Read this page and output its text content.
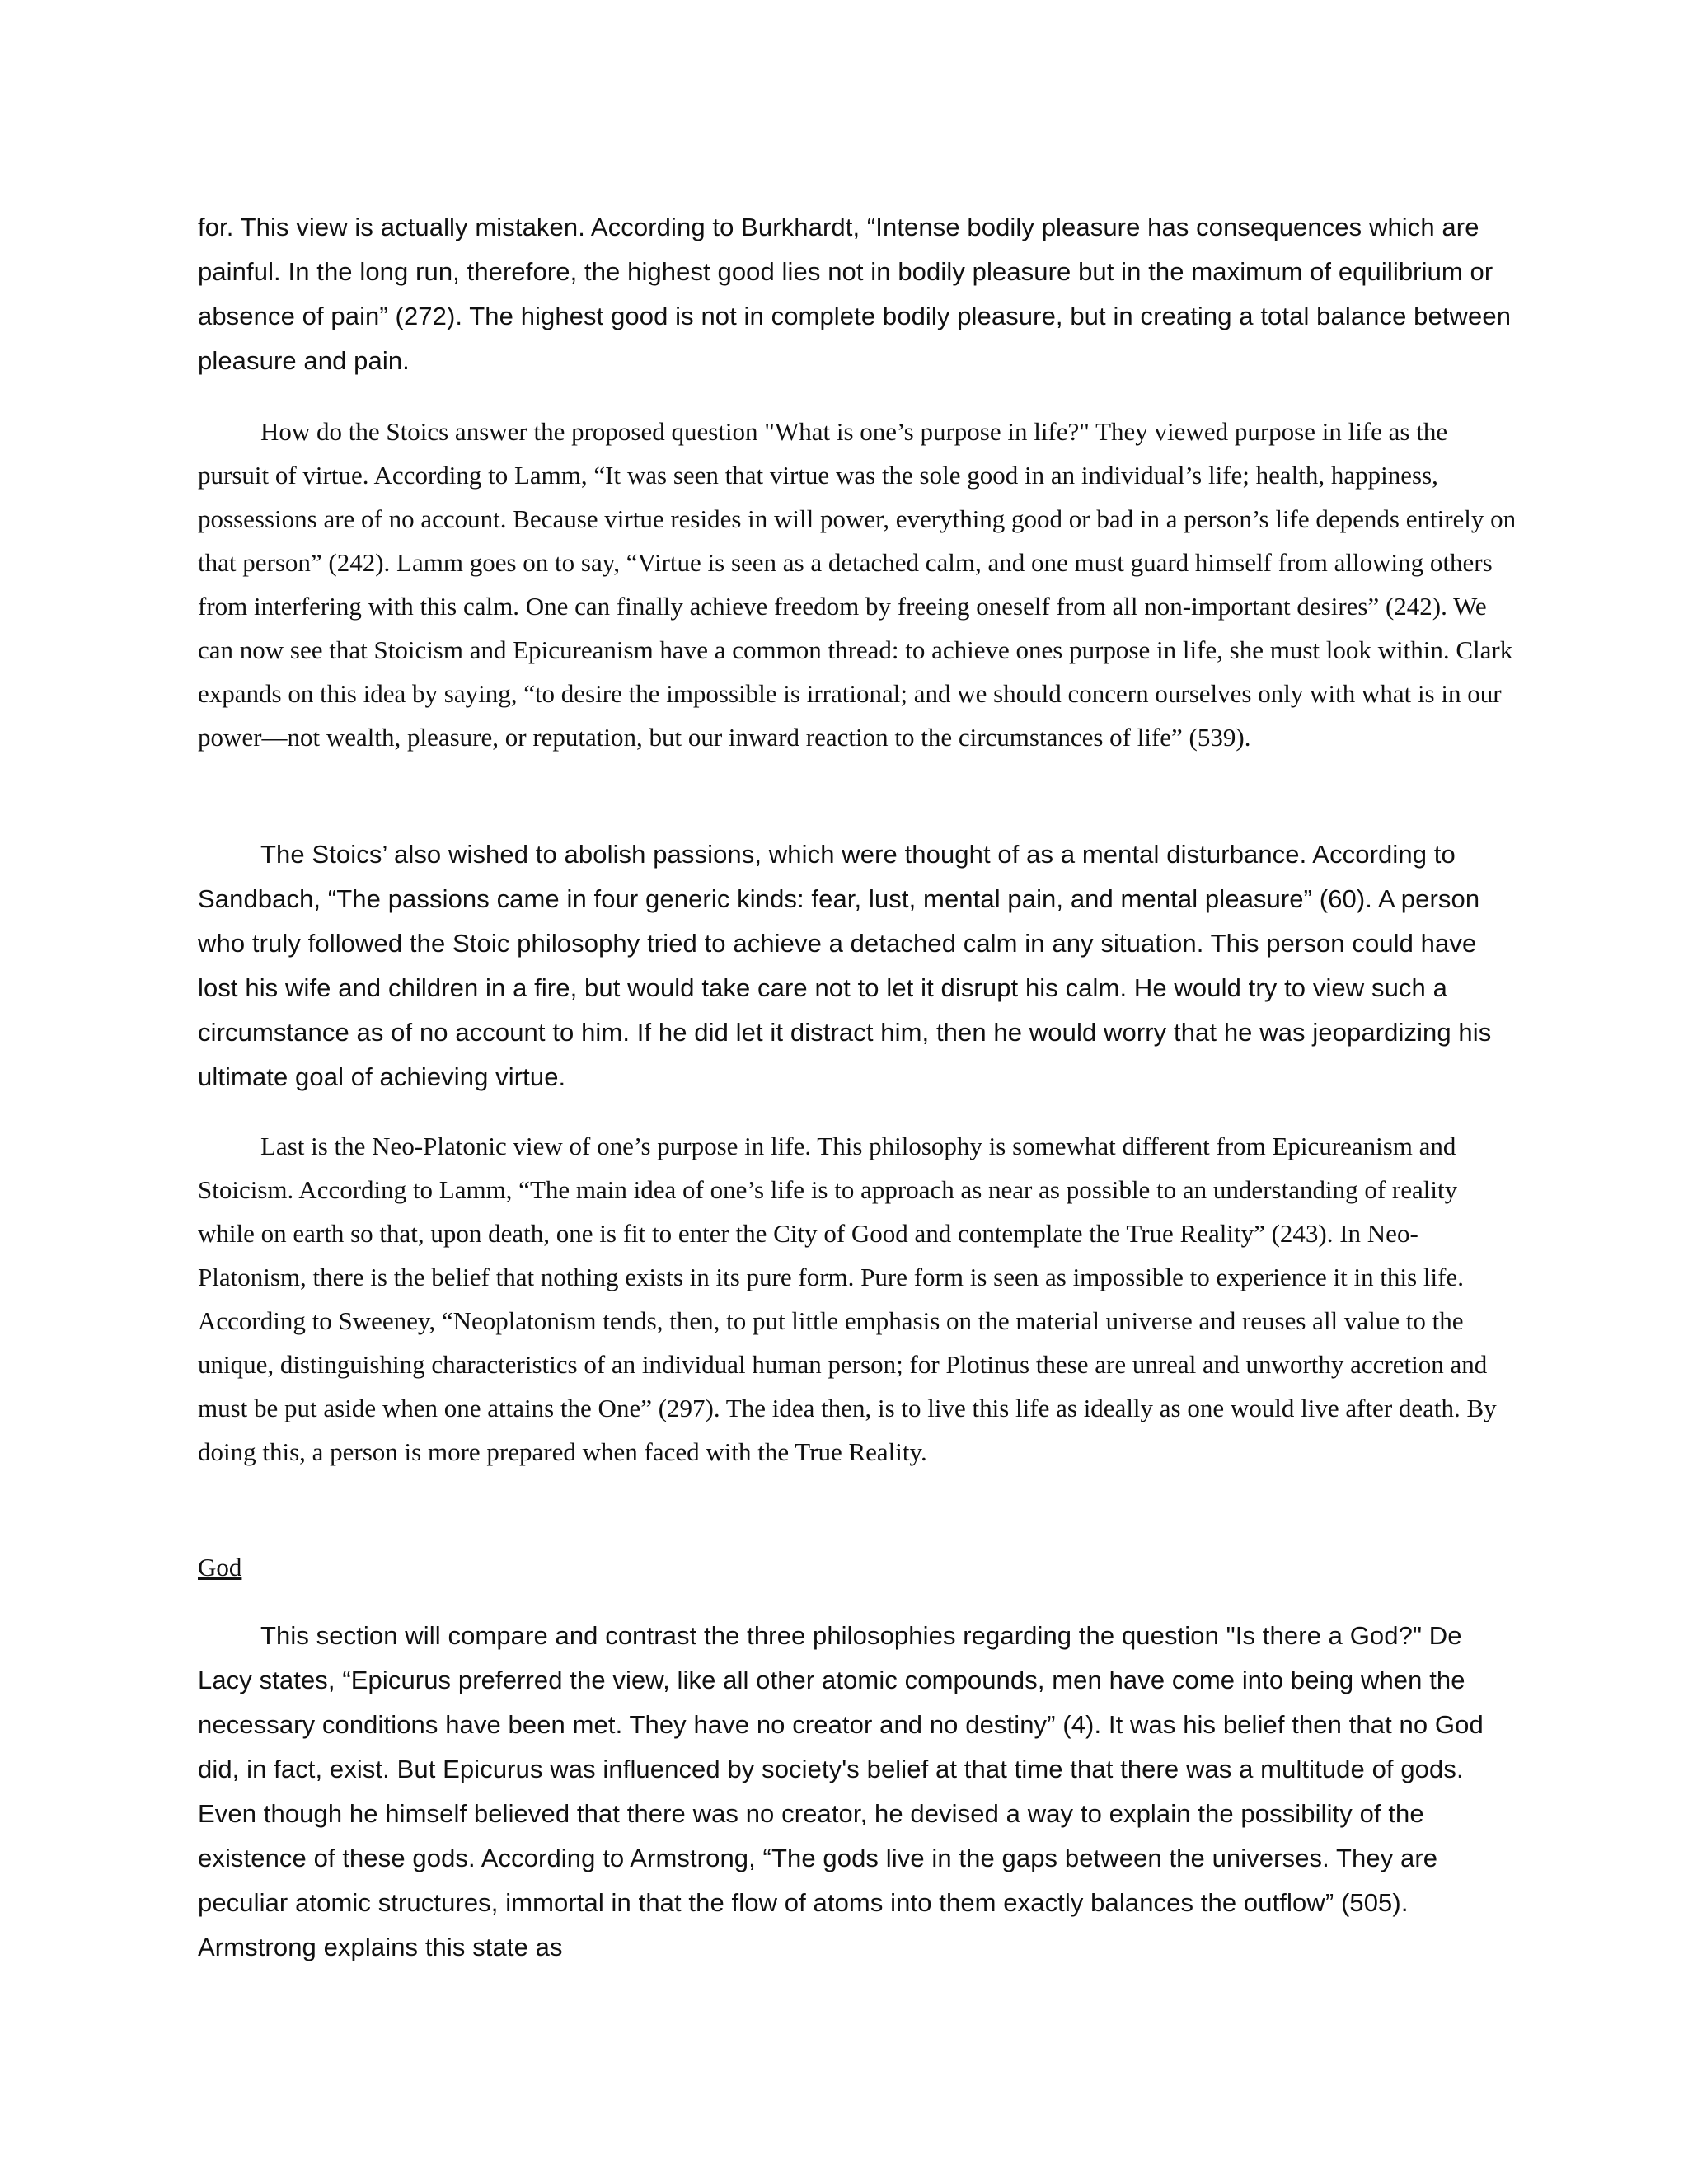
for. This view is actually mistaken. According to Burkhardt, “Intense bodily pleasure has consequences which are painful. In the long run, therefore, the highest good lies not in bodily pleasure but in the maximum of equilibrium or absence of pain” (272). The highest good is not in complete bodily pleasure, but in creating a total balance between pleasure and pain.

How do the Stoics answer the proposed question "What is one’s purpose in life?" They viewed purpose in life as the pursuit of virtue. According to Lamm, “It was seen that virtue was the sole good in an individual’s life; health, happiness, possessions are of no account. Because virtue resides in will power, everything good or bad in a person’s life depends entirely on that person” (242). Lamm goes on to say, “Virtue is seen as a detached calm, and one must guard himself from allowing others from interfering with this calm. One can finally achieve freedom by freeing oneself from all non-important desires” (242). We can now see that Stoicism and Epicureanism have a common thread: to achieve ones purpose in life, she must look within. Clark expands on this idea by saying, “to desire the impossible is irrational; and we should concern ourselves only with what is in our power—not wealth, pleasure, or reputation, but our inward reaction to the circumstances of life” (539).

The Stoics’ also wished to abolish passions, which were thought of as a mental disturbance. According to Sandbach, “The passions came in four generic kinds: fear, lust, mental pain, and mental pleasure” (60). A person who truly followed the Stoic philosophy tried to achieve a detached calm in any situation. This person could have lost his wife and children in a fire, but would take care not to let it disrupt his calm. He would try to view such a circumstance as of no account to him. If he did let it distract him, then he would worry that he was jeopardizing his ultimate goal of achieving virtue.

Last is the Neo-Platonic view of one’s purpose in life. This philosophy is somewhat different from Epicureanism and Stoicism. According to Lamm, “The main idea of one’s life is to approach as near as possible to an understanding of reality while on earth so that, upon death, one is fit to enter the City of Good and contemplate the True Reality” (243). In Neo-Platonism, there is the belief that nothing exists in its pure form. Pure form is seen as impossible to experience it in this life. According to Sweeney, “Neoplatonism tends, then, to put little emphasis on the material universe and reuses all value to the unique, distinguishing characteristics of an individual human person; for Plotinus these are unreal and unworthy accretion and must be put aside when one attains the One” (297). The idea then, is to live this life as ideally as one would live after death. By doing this, a person is more prepared when faced with the True Reality.

God

This section will compare and contrast the three philosophies regarding the question "Is there a God?" De Lacy states, “Epicurus preferred the view, like all other atomic compounds, men have come into being when the necessary conditions have been met. They have no creator and no destiny” (4). It was his belief then that no God did, in fact, exist. But Epicurus was influenced by society's belief at that time that there was a multitude of gods. Even though he himself believed that there was no creator, he devised a way to explain the possibility of the existence of these gods. According to Armstrong, “The gods live in the gaps between the universes. They are peculiar atomic structures, immortal in that the flow of atoms into them exactly balances the outflow” (505). Armstrong explains this state as
